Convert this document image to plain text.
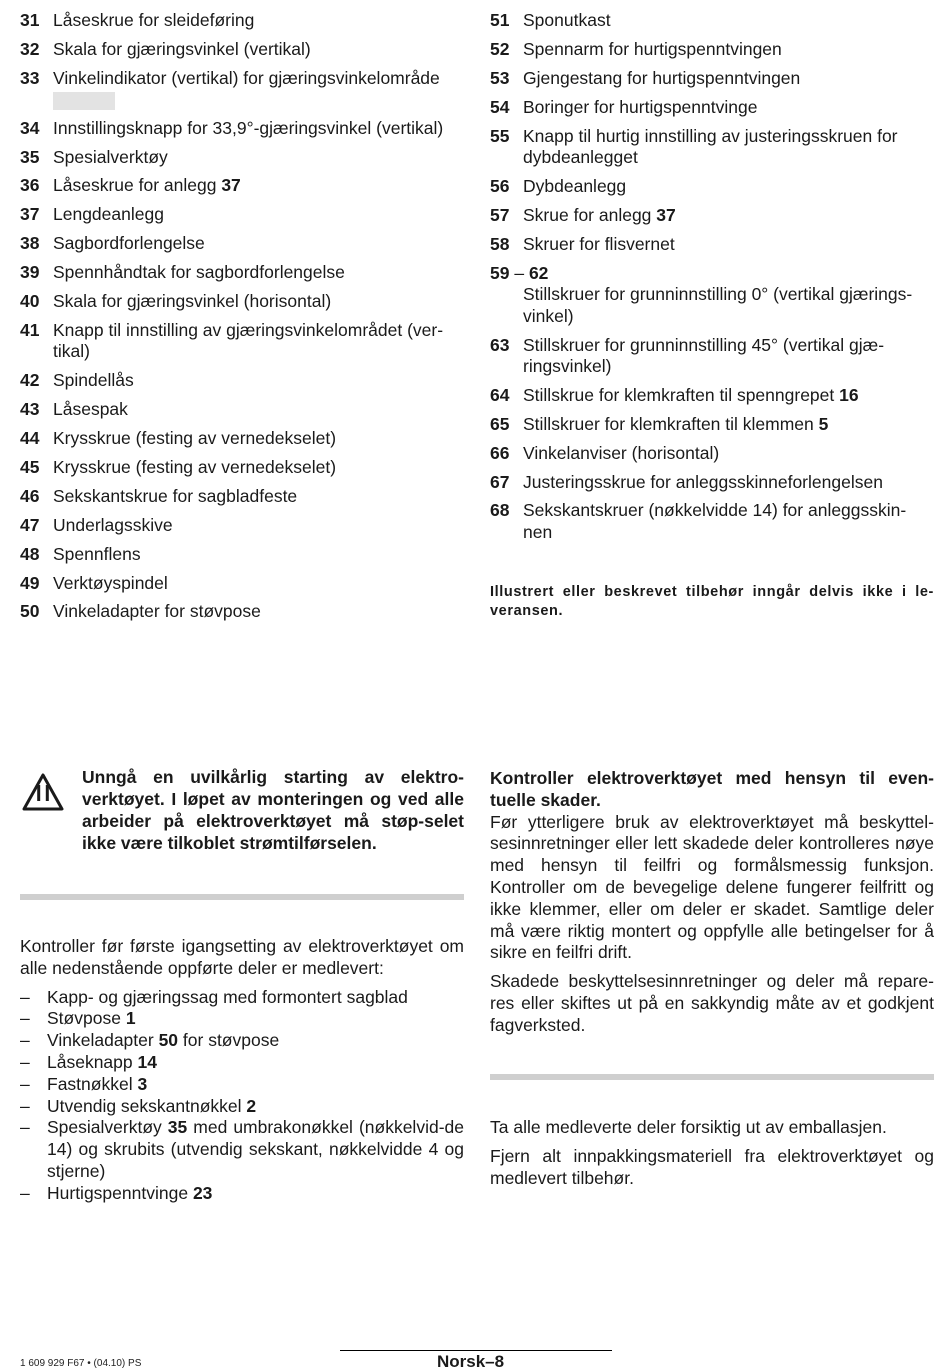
31 Låseskrue for sleideføring
32 Skala for gjæringsvinkel (vertikal)
33 Vinkelindikator (vertikal) for gjæringsvinkelområde
34 Innstillingsknapp for 33,9°-gjæringsvinkel (vertikal)
35 Spesialverktøy
36 Låseskrue for anlegg 37
37 Lengdeanlegg
38 Sagbordforlengelse
39 Spennhåndtak for sagbordforlengelse
40 Skala for gjæringsvinkel (horisontal)
41 Knapp til innstilling av gjæringsvinkelområdet (ver-tikal)
42 Spindellås
43 Låsespak
44 Krysskrue (festing av vernedekselet)
45 Krysskrue (festing av vernedekselet)
46 Sekskantskrue for sagbladfeste
47 Underlagsskive
48 Spennflens
49 Verktøyspindel
50 Vinkeladapter for støvpose
51 Sponutkast
52 Spennarm for hurtigspenntvingen
53 Gjengestang for hurtigspenntvingen
54 Boringer for hurtigspenntvinge
55 Knapp til hurtig innstilling av justeringsskruen for dybdeanlegget
56 Dybdeanlegg
57 Skrue for anlegg 37
58 Skruer for flisvernet
59 – 62
Stillskruer for grunninnstilling 0° (vertikal gjærings-vinkel)
63 Stillskruer for grunninnstilling 45° (vertikal gjæ-ringsvinkel)
64 Stillskrue for klemkraften til spenngrepet 16
65 Stillskruer for klemkraften til klemmen 5
66 Vinkelanviser (horisontal)
67 Justeringsskrue for anleggsskinneforlengelsen
68 Sekskantskruer (nøkkelvidde 14) for anleggsskin-nen
Illustrert eller beskrevet tilbehør inngår delvis ikke i le-veransen.
Unngå en uvilkårlig starting av elektro-verktøyet. I løpet av monteringen og ved alle arbeider på elektroverktøyet må støp-selet ikke være tilkoblet strømtilførselen.

Kontroller før første igangsetting av elektroverktøyet om alle nedenstående oppførte deler er medlevert:

– Kapp- og gjæringssag med formontert sagblad
– Støvpose 1
– Vinkeladapter 50 for støvpose
– Låseknapp 14
– Fastnøkkel 3
– Utvendig sekskantnøkkel 2
– Spesialverktøy 35 med umbrakonøkkel (nøkkelvid-de 14) og skrubits (utvendig sekskant, nøkkelvidde 4 og stjerne)
– Hurtigspenntvinge 23
Kontroller elektroverktøyet med hensyn til even-tuelle skader.

Før ytterligere bruk av elektroverktøyet må beskyttel-sesinnretninger eller lett skadede deler kontrolleres nøye med hensyn til feilfri og formålsmessig funksjon. Kontroller om de bevegelige delene fungerer feilfritt og ikke klemmer, eller om deler er skadet. Samtlige deler må være riktig montert og oppfylle alle betingelser for å sikre en feilfri drift.

Skadede beskyttelsesinnretninger og deler må repare-res eller skiftes ut på en sakkyndig måte av et godkjent fagverksted.

Ta alle medleverte deler forsiktig ut av emballasjen.

Fjern alt innpakkingsmateriell fra elektroverktøyet og medlevert tilbehør.

1 609 929 F67 • (04.10) PS	Norsk–8
